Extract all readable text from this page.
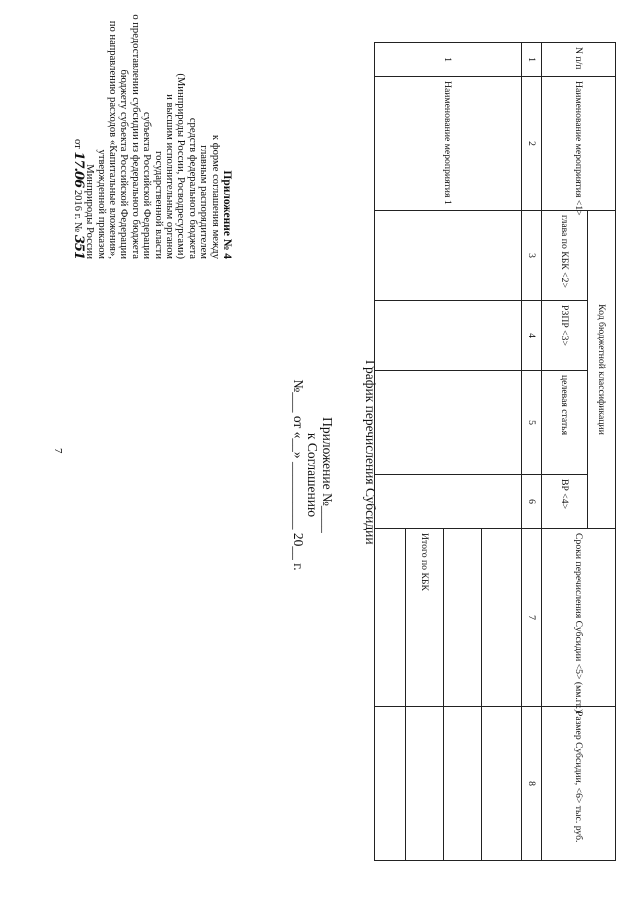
7
Приложение № 4
к форме соглашения между
главным распорядителем
средств федерального бюджета
(Минприроды России, Росводресурсами)
и высшим исполнительным органом
государственной власти
субъекта Российской Федерации
о предоставлении субсидии из федерального бюджета
бюджету субъекта Российской Федерации
по направлению расходов «Капитальные вложения»,
утвержденной приказом
Минприроды России
от 17.06 2016 г. № 351
Приложение №____
к Соглашению
№___ от «__» __________ 20__ г.	График перечисления Субсидии
N п/п	Наименование мероприятия <1>	Код бюджетной классификации				Сроки перечисления Субсидии <5> (мм.гг.)	Размер Субсидии, <6> тыс. руб.
		глава по КБК <2>	РЗПР <3>	целевая статья	ВР <4>		
1	2	3	4	5	6	7	8
1	Наименование мероприятия 1						

						Итого по КБК	
